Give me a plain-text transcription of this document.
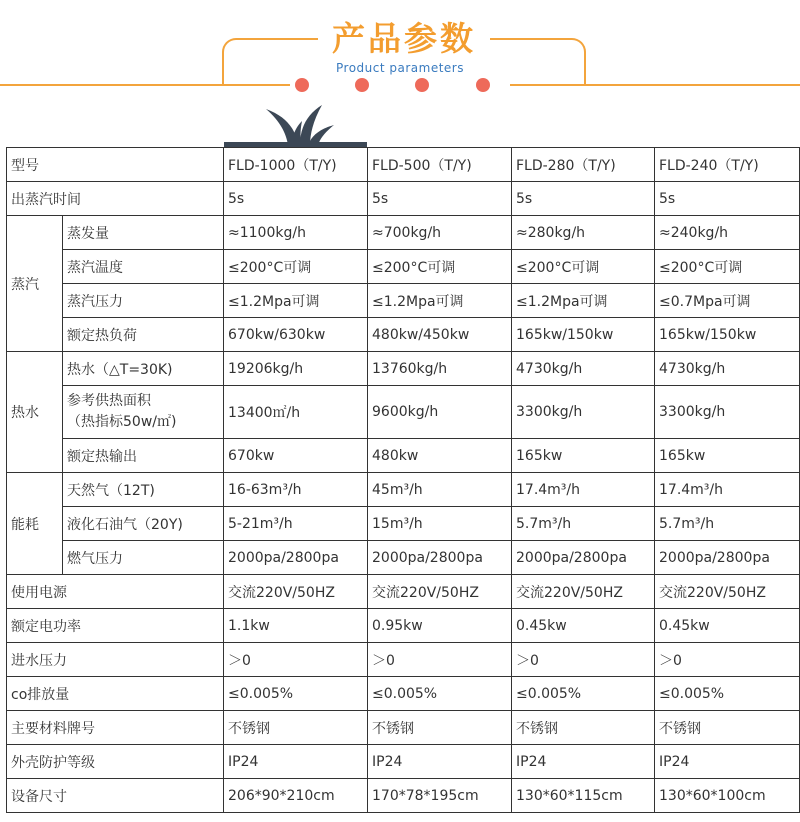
产品参数
Product parameters
型号		FLD-1000（T/Y)	FLD-500（T/Y)	FLD-280（T/Y)	FLD-240（T/Y)
出蒸汽时间		5s	5s	5s	5s
蒸汽	蒸发量	≈1100kg/h	≈700kg/h	≈280kg/h	≈240kg/h
	蒸汽温度	≤200°C可调	≤200°C可调	≤200°C可调	≤200°C可调
	蒸汽压力	≤1.2Mpa可调	≤1.2Mpa可调	≤1.2Mpa可调	≤0.7Mpa可调
	额定热负荷	670kw/630kw	480kw/450kw	165kw/150kw	165kw/150kw
热水	热水（△T=30K)	19206kg/h	13760kg/h	4730kg/h	4730kg/h

	参考供热面积
（热指标50w/㎡)	13400㎡/h	9600kg/h	3300kg/h	3300kg/h
	额定热输出	670kw	480kw	165kw	165kw
能耗	天然气（12T)	16-63m³/h	45m³/h	17.4m³/h	17.4m³/h
	液化石油气（20Y)	5-21m³/h	15m³/h	5.7m³/h	5.7m³/h
	燃气压力	2000pa/2800pa	2000pa/2800pa	2000pa/2800pa	2000pa/2800pa
使用电源		交流220V/50HZ	交流220V/50HZ	交流220V/50HZ	交流220V/50HZ
额定电功率		1.1kw	0.95kw	0.45kw	0.45kw
进水压力		＞0	＞0	＞0	＞0
co排放量		≤0.005%	≤0.005%	≤0.005%	≤0.005%
主要材料牌号		不锈钢	不锈钢	不锈钢	不锈钢
外壳防护等级		IP24	IP24	IP24	IP24
设备尺寸		206*90*210cm	170*78*195cm	130*60*115cm	130*60*100cm
